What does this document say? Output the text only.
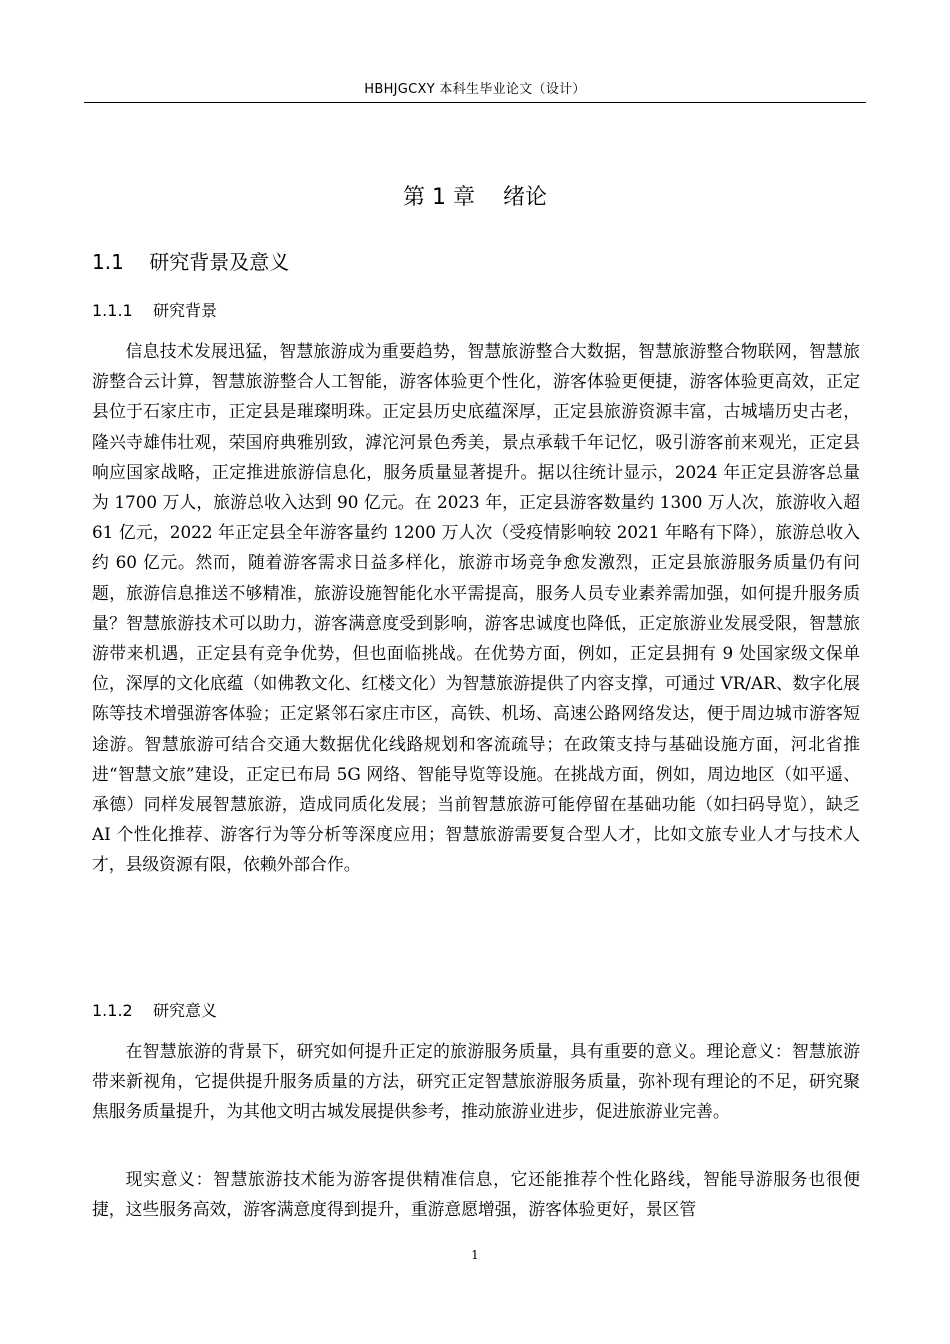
HBHJGCXY 本科生毕业论文（设计）
第 1 章    绪论
1.1    研究背景及意义
1.1.1    研究背景

信息技术发展迅猛，智慧旅游成为重要趋势，智慧旅游整合大数据，智慧旅游整合物联网，智慧旅游整合云计算，智慧旅游整合人工智能，游客体验更个性化，游客体验更便捷，游客体验更高效，正定县位于石家庄市，正定县是璀璨明珠。正定县历史底蕴深厚，正定县旅游资源丰富，古城墙历史古老，隆兴寺雄伟壮观，荣国府典雅别致，滹沱河景色秀美，景点承载千年记忆，吸引游客前来观光，正定县响应国家战略，正定推进旅游信息化，服务质量显著提升。据以往统计显示，2024 年正定县游客总量为 1700 万人，旅游总收入达到 90 亿元。在 2023 年，正定县游客数量约 1300 万人次，旅游收入超 61 亿元，2022 年正定县全年游客量约 1200 万人次（受疫情影响较 2021 年略有下降），旅游总收入约 60 亿元。然而，随着游客需求日益多样化，旅游市场竞争愈发激烈，正定县旅游服务质量仍有问题，旅游信息推送不够精准，旅游设施智能化水平需提高，服务人员专业素养需加强，如何提升服务质量？智慧旅游技术可以助力，游客满意度受到影响，游客忠诚度也降低，正定旅游业发展受限，智慧旅游带来机遇，正定县有竞争优势，但也面临挑战。在优势方面，例如，正定县拥有 9 处国家级文保单位，深厚的文化底蕴（如佛教文化、红楼文化）为智慧旅游提供了内容支撑，可通过 VR/AR、数字化展陈等技术增强游客体验；正定紧邻石家庄市区，高铁、机场、高速公路网络发达，便于周边城市游客短途游。智慧旅游可结合交通大数据优化线路规划和客流疏导；在政策支持与基础设施方面，河北省推进“智慧文旅”建设，正定已布局 5G 网络、智能导览等设施。在挑战方面，例如，周边地区（如平遥、承德）同样发展智慧旅游，造成同质化发展；当前智慧旅游可能停留在基础功能（如扫码导览），缺乏 AI 个性化推荐、游客行为等分析等深度应用；智慧旅游需要复合型人才，比如文旅专业人才与技术人才，县级资源有限，依赖外部合作。

1.1.2    研究意义

在智慧旅游的背景下，研究如何提升正定的旅游服务质量，具有重要的意义。理论意义：智慧旅游带来新视角，它提供提升服务质量的方法，研究正定智慧旅游服务质量，弥补现有理论的不足，研究聚焦服务质量提升，为其他文明古城发展提供参考，推动旅游业进步，促进旅游业完善。

现实意义：智慧旅游技术能为游客提供精准信息，它还能推荐个性化路线，智能导游服务也很便捷，这些服务高效，游客满意度得到提升，重游意愿增强，游客体验更好，景区管

1
